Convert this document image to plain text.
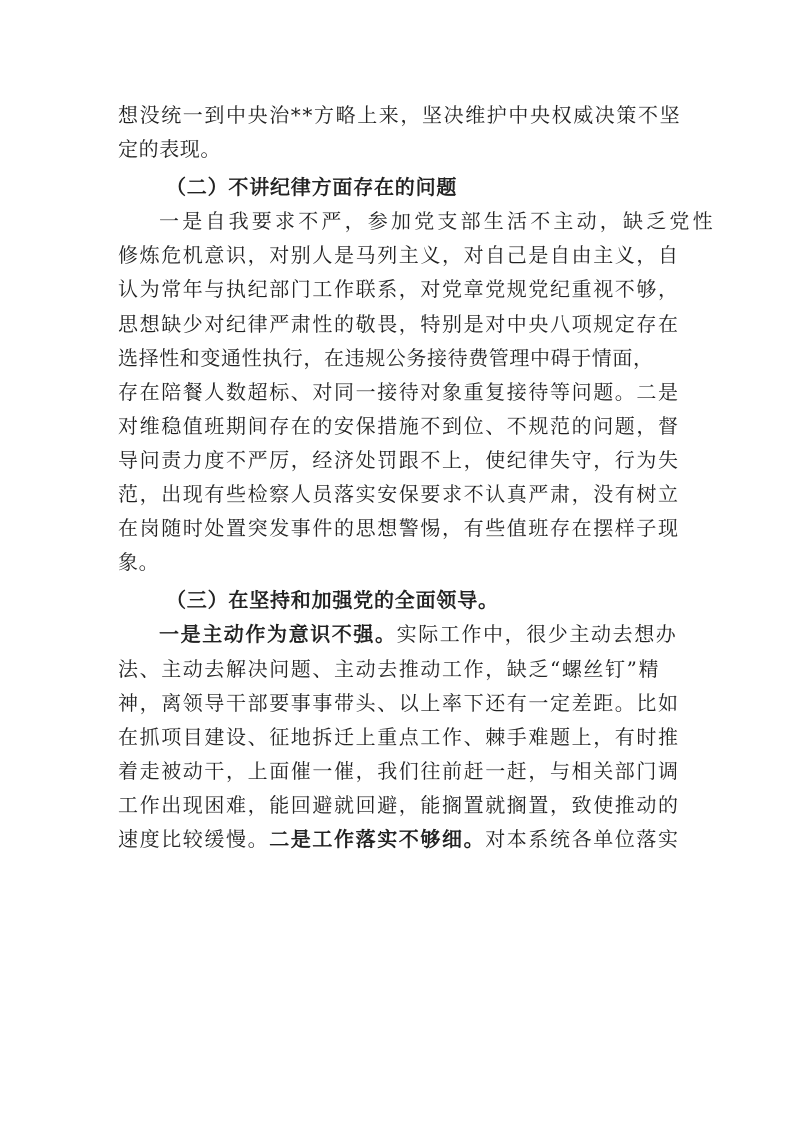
想没统一到中央治**方略上来，坚决维护中央权威决策不坚
定的表现。
（二）不讲纪律方面存在的问题
一是自我要求不严，参加党支部生活不主动，缺乏党性
修炼危机意识，对别人是马列主义，对自己是自由主义，自
认为常年与执纪部门工作联系，对党章党规党纪重视不够，
思想缺少对纪律严肃性的敬畏，特别是对中央八项规定存在
选择性和变通性执行，在违规公务接待费管理中碍于情面，
存在陪餐人数超标、对同一接待对象重复接待等问题。二是
对维稳值班期间存在的安保措施不到位、不规范的问题，督
导问责力度不严厉，经济处罚跟不上，使纪律失守，行为失
范，出现有些检察人员落实安保要求不认真严肃，没有树立
在岗随时处置突发事件的思想警惕，有些值班存在摆样子现
象。
（三）在坚持和加强党的全面领导。
一是主动作为意识不强。实际工作中，很少主动去想办
法、主动去解决问题、主动去推动工作，缺乏“螺丝钉”精
神，离领导干部要事事带头、以上率下还有一定差距。比如
在抓项目建设、征地拆迁上重点工作、棘手难题上，有时推
着走被动干，上面催一催，我们往前赶一赶，与相关部门调
工作出现困难，能回避就回避，能搁置就搁置，致使推动的
速度比较缓慢。二是工作落实不够细。对本系统各单位落实
